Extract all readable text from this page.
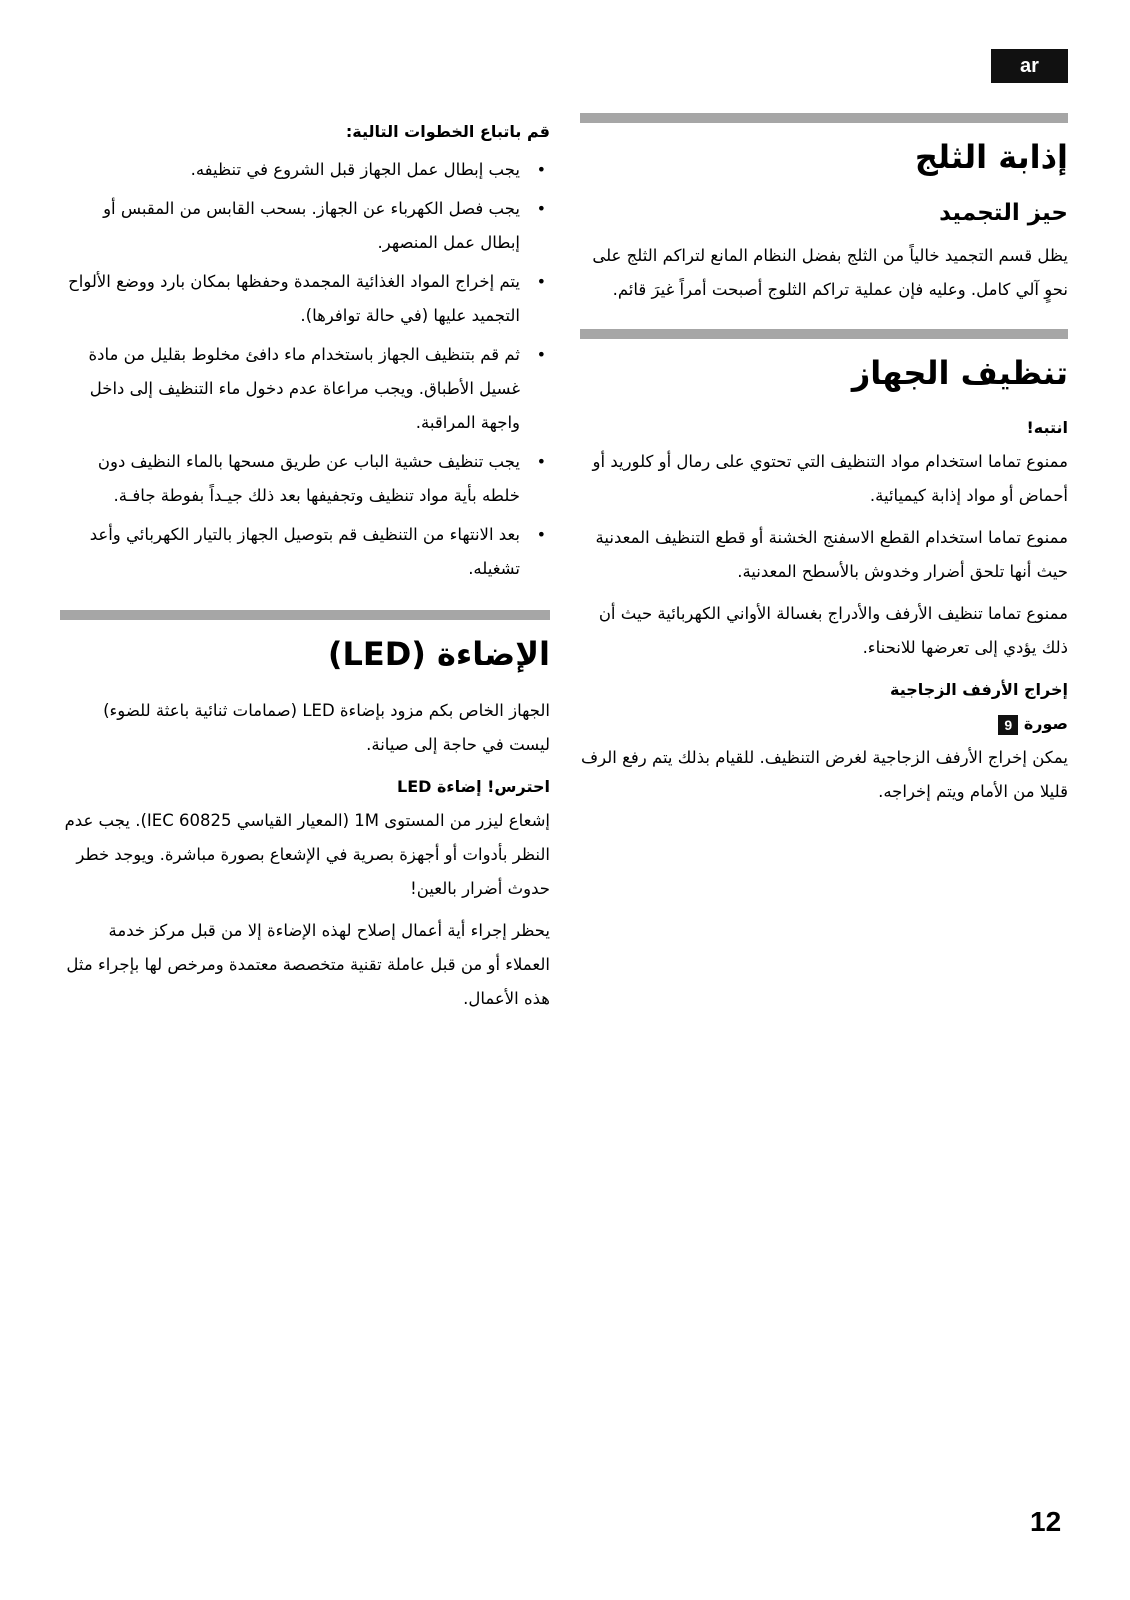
ar
إذابة الثلج
حيز التجميد

يظل قسم التجميد خالياً من الثلج بفضل النظام المانع لتراكم الثلج على نحوٍ آلي كامل. وعليه فإن عملية تراكم الثلوج أصبحت أمراً غيرَ قائم.

تنظيف الجهاز
انتبه!

ممنوع تماما استخدام مواد التنظيف التي تحتوي على رمال أو كلوريد أو أحماض أو مواد إذابة كيميائية.

ممنوع تماما استخدام القطع الاسفنج الخشنة أو قطع التنظيف المعدنية حيث أنها تلحق أضرار وخدوش بالأسطح المعدنية.

ممنوع تماما تنظيف الأرفف والأدراج بغسالة الأواني الكهربائية حيث أن ذلك يؤدي إلى تعرضها للانحناء.

إخراج الأرفف الزجاجية
صورة 9

يمكن إخراج الأرفف الزجاجية لغرض التنظيف. للقيام بذلك يتم رفع الرف قليلا من الأمام ويتم إخراجه.

قم باتباع الخطوات التالية:
• يجب إبطال عمل الجهاز قبل الشروع في تنظيفه.
• يجب فصل الكهرباء عن الجهاز. بسحب القابس من المقبس أو إبطال عمل المنصهر.
• يتم إخراج المواد الغذائية المجمدة وحفظها بمكان بارد ووضع الألواح التجميد عليها (في حالة توافرها).
• ثم قم بتنظيف الجهاز باستخدام ماء دافئ مخلوط بقليل من مادة غسيل الأطباق. ويجب مراعاة عدم دخول ماء التنظيف إلى داخل واجهة المراقبة.
• يجب تنظيف حشية الباب عن طريق مسحها بالماء النظيف دون خلطه بأية مواد تنظيف وتجفيفها بعد ذلك جيـداً بفوطة جافـة.
• بعد الانتهاء من التنظيف قم بتوصيل الجهاز بالتيار الكهربائي وأعد تشغيله.
الإضاءة (LED)

الجهاز الخاص بكم مزود بإضاءة LED (صمامات ثنائية باعثة للضوء) ليست في حاجة إلى صيانة.

احترس! إضاءة LED

إشعاع ليزر من المستوى 1M (المعيار القياسي IEC 60825). يجب عدم النظر بأدوات أو أجهزة بصرية في الإشعاع بصورة مباشرة. ويوجد خطر حدوث أضرار بالعين!

يحظر إجراء أية أعمال إصلاح لهذه الإضاءة إلا من قبل مركز خدمة العملاء أو من قبل عاملة تقنية متخصصة معتمدة ومرخص لها بإجراء مثل هذه الأعمال.

12
